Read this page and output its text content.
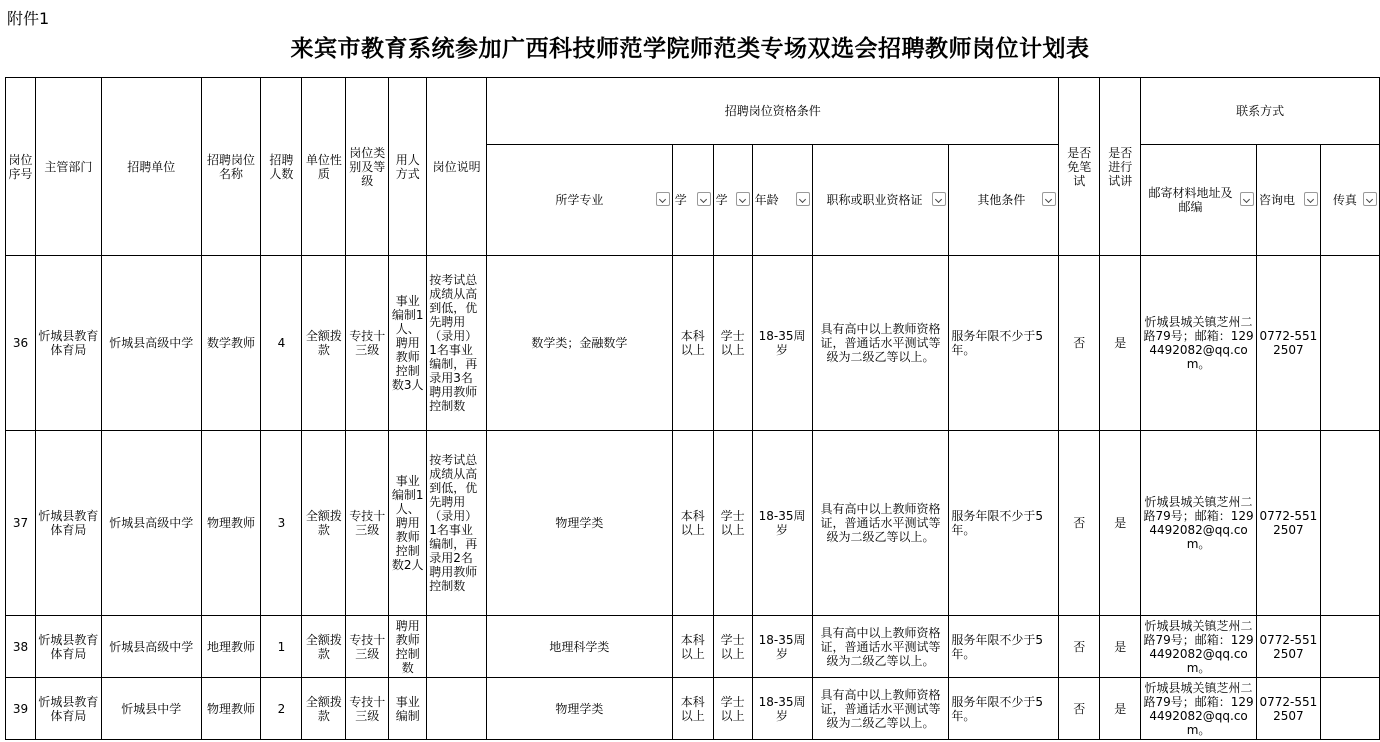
附件1
来宾市教育系统参加广西科技师范学院师范类专场双选会招聘教师岗位计划表
岗位序号	主管部门	招聘单位	招聘岗位名称	招聘人数	单位性质	岗位类别及等级	用人方式	岗位说明	招聘岗位资格条件						是否免笔试	是否进行试讲	联系方式		
									所学专业	学	学	年龄	职称或职业资格证	其他条件			邮寄材料地址及邮编	咨询电	传真

36	忻城县教育体育局	忻城县高级中学	数学教师	4	全额拨款	专技十三级	事业编制1人、聘用教师控制数3人	按考试总成绩从高到低，优先聘用（录用）1名事业编制，再录用3名聘用教师控制数	数学类；金融数学	本科以上	学士以上	18-35周岁	具有高中以上教师资格证，普通话水平测试等级为二级乙等以上。	服务年限不少于5年。	否	是	忻城县城关镇芝州二路79号；邮箱：1294492082@qq.com。	0772-5512507	
37	忻城县教育体育局	忻城县高级中学	物理教师	3	全额拨款	专技十三级	事业编制1人、聘用教师控制数2人	按考试总成绩从高到低，优先聘用（录用）1名事业编制，再录用2名聘用教师控制数	物理学类	本科以上	学士以上	18-35周岁	具有高中以上教师资格证，普通话水平测试等级为二级乙等以上。	服务年限不少于5年。	否	是	忻城县城关镇芝州二路79号；邮箱：1294492082@qq.com。	0772-5512507	
38	忻城县教育体育局	忻城县高级中学	地理教师	1	全额拨款	专技十三级	聘用教师控制数		地理科学类	本科以上	学士以上	18-35周岁	具有高中以上教师资格证，普通话水平测试等级为二级乙等以上。	服务年限不少于5年。	否	是	忻城县城关镇芝州二路79号；邮箱：1294492082@qq.com。	0772-5512507	
39	忻城县教育体育局	忻城县中学	物理教师	2	全额拨款	专技十三级	事业编制		物理学类	本科以上	学士以上	18-35周岁	具有高中以上教师资格证，普通话水平测试等级为二级乙等以上。	服务年限不少于5年。	否	是	忻城县城关镇芝州二路79号；邮箱：1294492082@qq.com。	0772-5512507	
